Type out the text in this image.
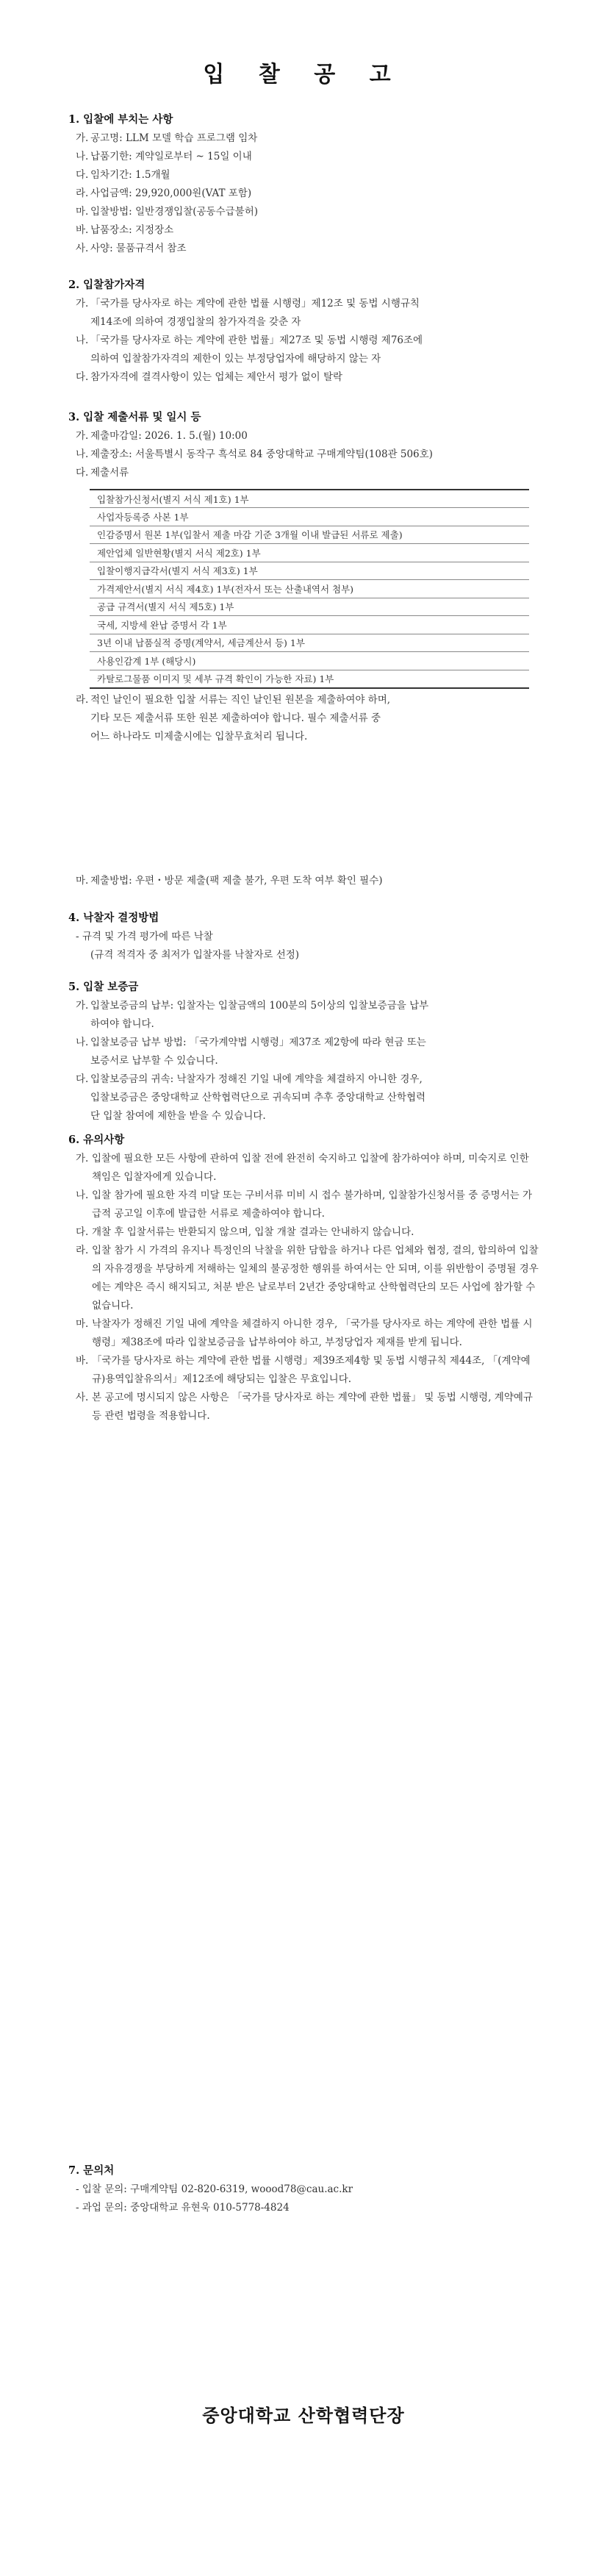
입 찰 공 고
1. 입찰에 부치는 사항
가. 공고명: LLM 모델 학습 프로그램 임차
나. 납품기한: 계약일로부터 ~ 15일 이내
다. 임차기간: 1.5개월
라. 사업금액: 29,920,000원(VAT 포함)
마. 입찰방법: 일반경쟁입찰(공동수급불허)
바. 납품장소: 지정장소
사. 사양: 물품규격서 참조
2. 입찰참가자격
가. 「국가를 당사자로 하는 계약에 관한 법률 시행령」제12조 및 동법 시행규칙
제14조에 의하여 경쟁입찰의 참가자격을 갖춘 자
나. 「국가를 당사자로 하는 계약에 관한 법률」제27조 및 동법 시행령 제76조에
의하여 입찰참가자격의 제한이 있는 부정당업자에 해당하지 않는 자
다. 참가자격에 결격사항이 있는 업체는 제안서 평가 없이 탈락
3. 입찰 제출서류 및 일시 등
가. 제출마감일: 2026. 1. 5.(월) 10:00
나. 제출장소: 서울특별시 동작구 흑석로 84 중앙대학교 구매계약팀(108관 506호)
다. 제출서류
입찰참가신청서(별지 서식 제1호) 1부
사업자등록증 사본 1부
인감증명서 원본 1부(입찰서 제출 마감 기준 3개월 이내 발급된 서류로 제출)
제안업체 일반현황(별지 서식 제2호) 1부
입찰이행지급각서(별지 서식 제3호) 1부
가격제안서(별지 서식 제4호) 1부(전자서 또는 산출내역서 첨부)
공급 규격서(별지 서식 제5호) 1부
국세, 지방세 완납 증명서 각 1부
3년 이내 납품실적 증명(계약서, 세금계산서 등) 1부
사용인감계 1부 (해당시)
카탈로그물품 이미지 및 세부 규격 확인이 가능한 자료) 1부
라. 적인 날인이 필요한 입찰 서류는 직인 날인된 원본을 제출하여야 하며,
기타 모든 제출서류 또한 원본 제출하여야 합니다. 필수 제출서류 중
어느 하나라도 미제출시에는 입찰무효처리 됩니다.
마. 제출방법: 우편・방문 제출(팩 제출 불가, 우편 도착 여부 확인 필수)
4. 낙찰자 결정방법
- 규격 및 가격 평가에 따른 낙찰
(규격 적격자 중 최저가 입찰자를 낙찰자로 선정)
5. 입찰 보증금
가. 입찰보증금의 납부: 입찰자는 입찰금액의 100분의 5이상의 입찰보증금을 납부
하여야 합니다.
나. 입찰보증금 납부 방법: 「국가계약법 시행령」제37조 제2항에 따라 현금 또는
보증서로 납부할 수 있습니다.
다. 입찰보증금의 귀속: 낙찰자가 정해진 기일 내에 계약을 체결하지 아니한 경우,
입찰보증금은 중앙대학교 산학협력단으로 귀속되며 추후 중앙대학교 산학협력
단 입찰 참여에 제한을 받을 수 있습니다.
6. 유의사항
가. 입찰에 필요한 모든 사항에 관하여 입찰 전에 완전히 숙지하고 입찰에 참가하여야 하며, 미숙지로 인한 책임은 입찰자에게 있습니다.
나. 입찰 참가에 필요한 자격 미달 또는 구비서류 미비 시 접수 불가하며, 입찰참가신청서를 중 증명서는 가급적 공고일 이후에 발급한 서류로 제출하여야 합니다.
다. 개찰 후 입찰서류는 반환되지 않으며, 입찰 개찰 결과는 안내하지 않습니다.
라. 입찰 참가 시 가격의 유지나 특정인의 낙찰을 위한 담합을 하거나 다른 업체와 협정, 결의, 합의하여 입찰의 자유경쟁을 부당하게 저해하는 일체의 불공정한 행위를 하여서는 안 되며, 이를 위반함이 증명될 경우에는 계약은 즉시 해지되고, 처분 받은 날로부터 2년간 중앙대학교 산학협력단의 모든 사업에 참가할 수 없습니다.
마. 낙찰자가 정해진 기일 내에 계약을 체결하지 아니한 경우, 「국가를 당사자로 하는 계약에 관한 법률 시행령」제38조에 따라 입찰보증금을 납부하여야 하고, 부정당업자 제재를 받게 됩니다.
바. 「국가를 당사자로 하는 계약에 관한 법률 시행령」제39조제4항 및 동법 시행규칙 제44조, 「(계약예규)용역입찰유의서」제12조에 해당되는 입찰은 무효입니다.
사. 본 공고에 명시되지 않은 사항은 「국가를 당사자로 하는 계약에 관한 법률」 및 동법 시행령, 계약예규 등 관련 법령을 적용합니다.
7. 문의처
- 입찰 문의: 구매계약팀 02-820-6319, woood78@cau.ac.kr
- 과업 문의: 중앙대학교 유현욱 010-5778-4824
중앙대학교 산학협력단장
